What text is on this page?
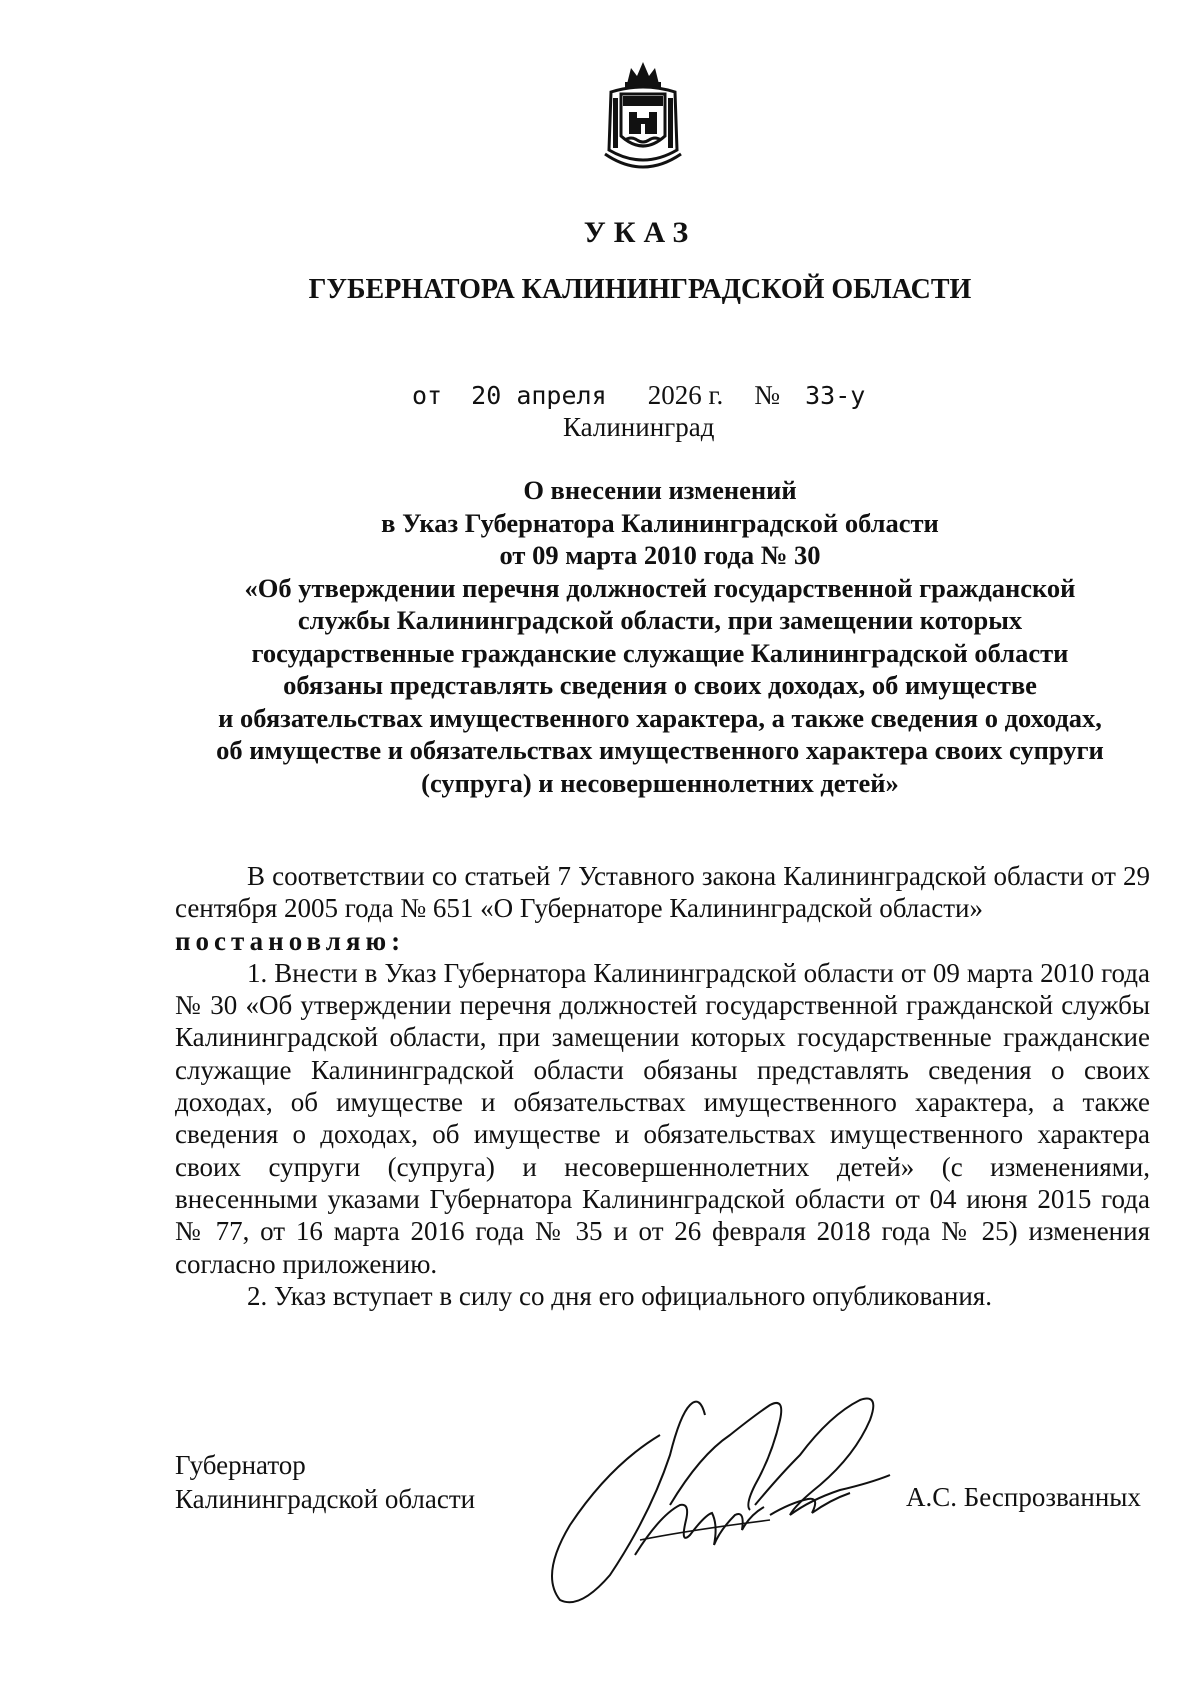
УКАЗ
ГУБЕРНАТОРА КАЛИНИНГРАДСКОЙ ОБЛАСТИ
от 20 апреля 2026 г. № 33-у
Калининград
О внесении изменений
в Указ Губернатора Калининградской области
от 09 марта 2010 года № 30
«Об утверждении перечня должностей государственной гражданской
службы Калининградской области, при замещении которых
государственные гражданские служащие Калининградской области
обязаны представлять сведения о своих доходах, об имуществе
и обязательствах имущественного характера, а также сведения о доходах,
об имуществе и обязательствах имущественного характера своих супруги
(супруга) и несовершеннолетних детей»

В соответствии со статьей 7 Уставного закона Калининградской области от 29 сентября 2005 года № 651 «О Губернаторе Калининградской области»

постановляю:

1. Внести в Указ Губернатора Калининградской области от 09 марта 2010 года № 30 «Об утверждении перечня должностей государственной гражданской службы Калининградской области, при замещении которых государственные гражданские служащие Калининградской области обязаны представлять сведения о своих доходах, об имуществе и обязательствах имущественного характера, а также сведения о доходах, об имуществе и обязательствах имущественного характера своих супруги (супруга) и несовершеннолетних детей» (с изменениями, внесенными указами Губернатора Калининградской области от 04 июня 2015 года № 77, от 16 марта 2016 года № 35 и от 26 февраля 2018 года № 25) изменения согласно приложению.

2. Указ вступает в силу со дня его официального опубликования.

Губернатор
Калининградской области	А.С. Беспрозванных
